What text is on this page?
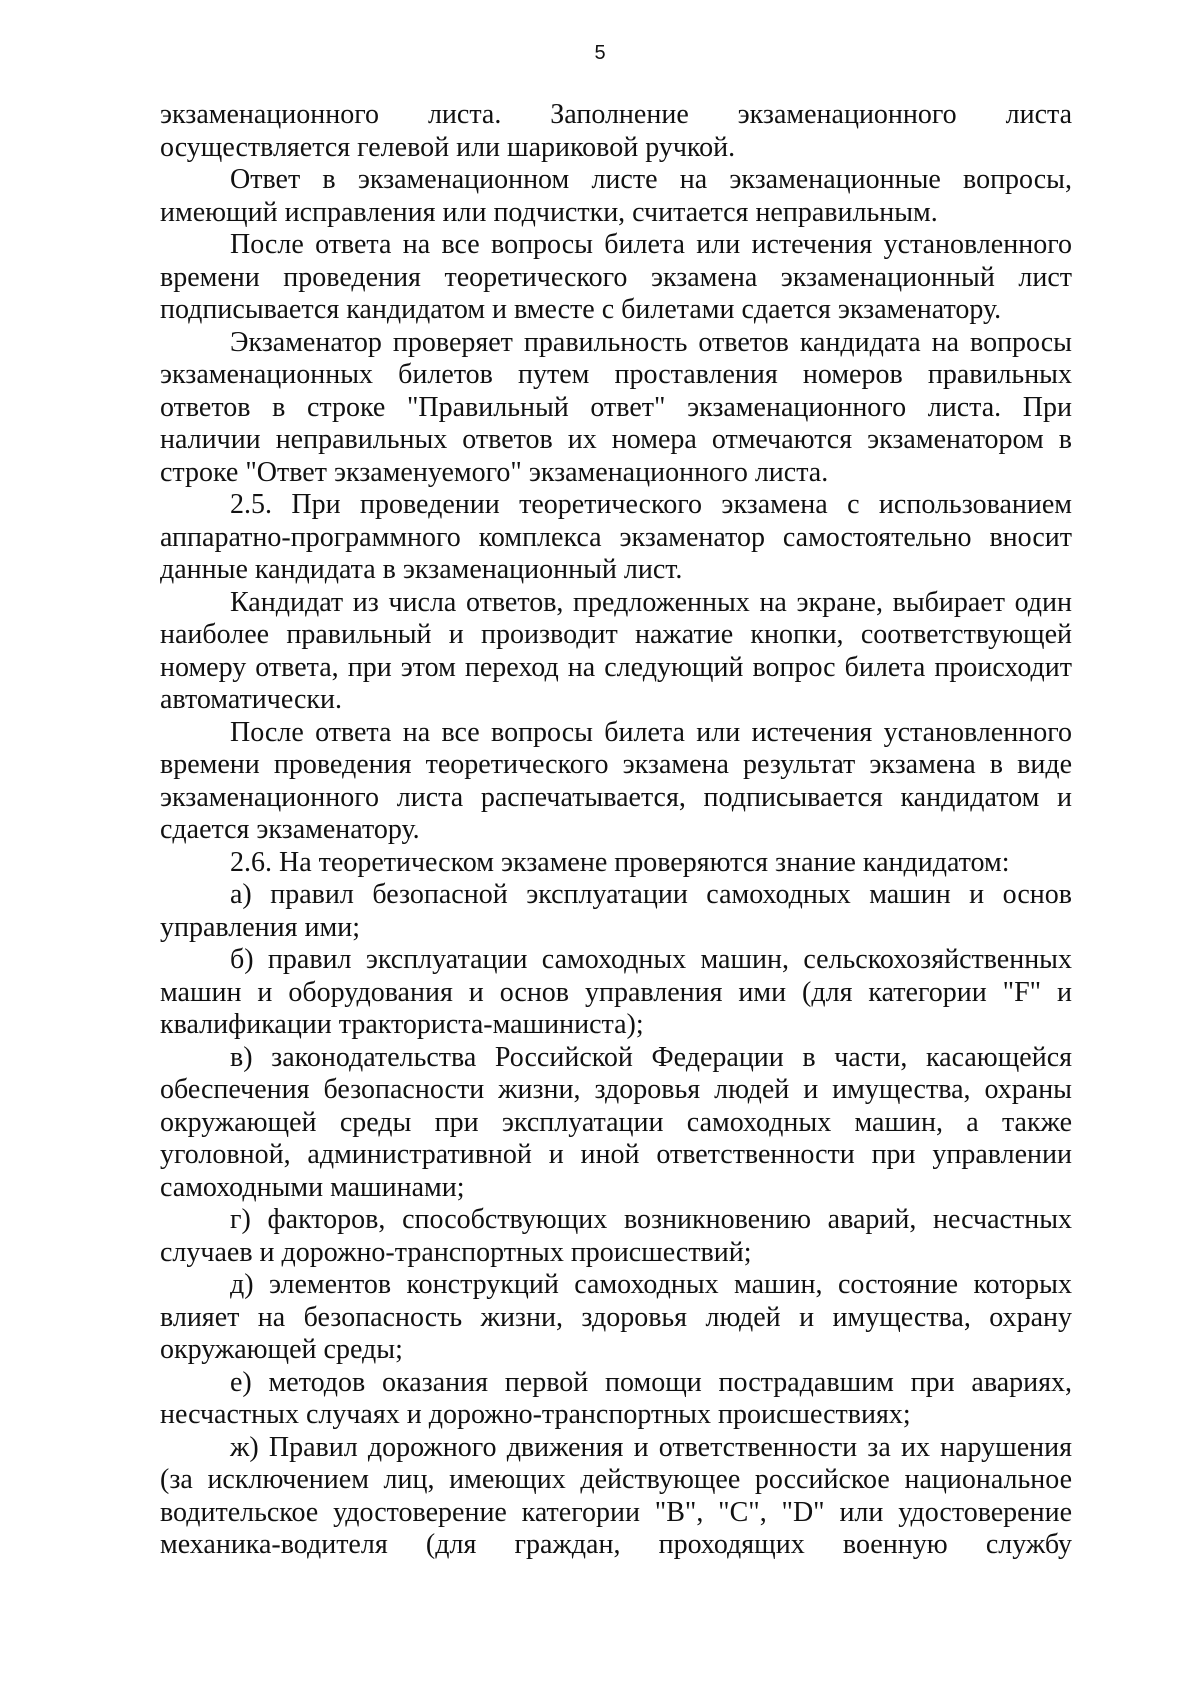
5

экзаменационного листа. Заполнение экзаменационного листа осуществляется гелевой или шариковой ручкой.

Ответ в экзаменационном листе на экзаменационные вопросы, имеющий исправления или подчистки, считается неправильным.

После ответа на все вопросы билета или истечения установленного времени проведения теоретического экзамена экзаменационный лист подписывается кандидатом и вместе с билетами сдается экзаменатору.

Экзаменатор проверяет правильность ответов кандидата на вопросы экзаменационных билетов путем проставления номеров правильных ответов в строке "Правильный ответ" экзаменационного листа. При наличии неправильных ответов их номера отмечаются экзаменатором в строке "Ответ экзаменуемого" экзаменационного листа.

2.5. При проведении теоретического экзамена с использованием аппаратно-программного комплекса экзаменатор самостоятельно вносит данные кандидата в экзаменационный лист.

Кандидат из числа ответов, предложенных на экране, выбирает один наиболее правильный и производит нажатие кнопки, соответствующей номеру ответа, при этом переход на следующий вопрос билета происходит автоматически.

После ответа на все вопросы билета или истечения установленного времени проведения теоретического экзамена результат экзамена в виде экзаменационного листа распечатывается, подписывается кандидатом и сдается экзаменатору.

2.6. На теоретическом экзамене проверяются знание кандидатом:

а) правил безопасной эксплуатации самоходных машин и основ управления ими;

б) правил эксплуатации самоходных машин, сельскохозяйственных машин и оборудования и основ управления ими (для категории "F" и квалификации тракториста-машиниста);

в) законодательства Российской Федерации в части, касающейся обеспечения безопасности жизни, здоровья людей и имущества, охраны окружающей среды при эксплуатации самоходных машин, а также уголовной, административной и иной ответственности при управлении самоходными машинами;

г) факторов, способствующих возникновению аварий, несчастных случаев и дорожно-транспортных происшествий;

д) элементов конструкций самоходных машин, состояние которых влияет на безопасность жизни, здоровья людей и имущества, охрану окружающей среды;

е) методов оказания первой помощи пострадавшим при авариях, несчастных случаях и дорожно-транспортных происшествиях;

ж) Правил дорожного движения и ответственности за их нарушения (за исключением лиц, имеющих действующее российское национальное водительское удостоверение категории "B", "C", "D" или удостоверение механика-водителя (для граждан, проходящих военную службу
